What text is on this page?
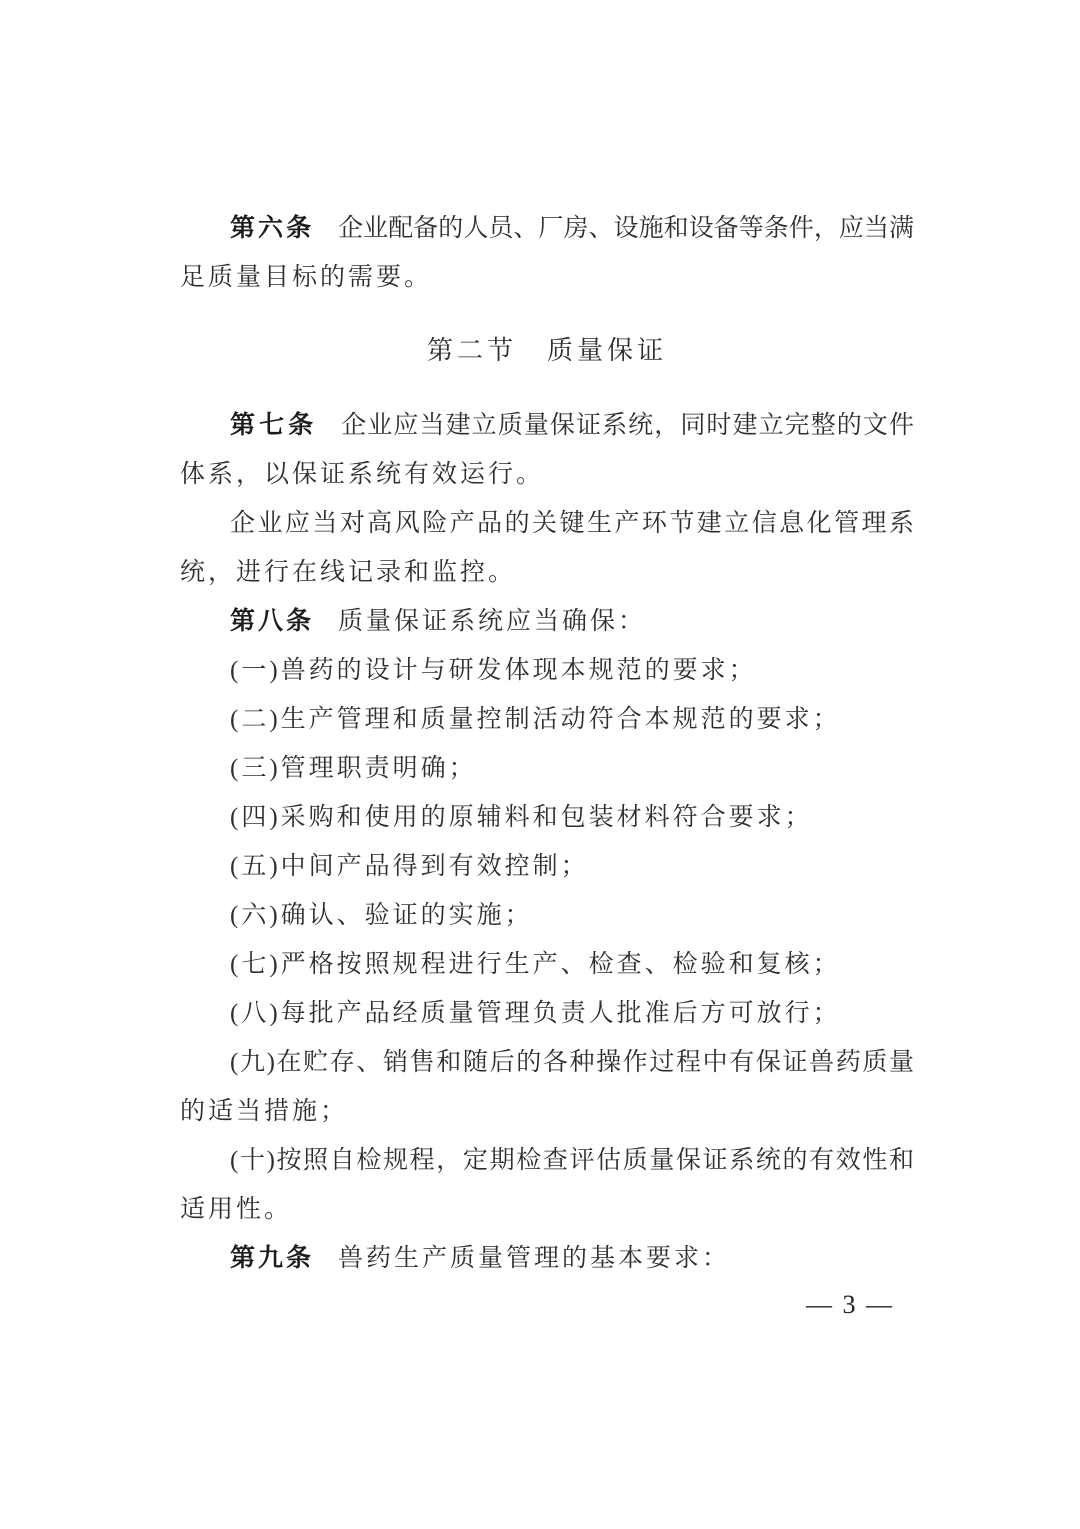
第六条 企业配备的人员、厂房、设施和设备等条件，应当满
足质量目标的需要。
第二节　质量保证
第七条 企业应当建立质量保证系统，同时建立完整的文件
体系，以保证系统有效运行。
企业应当对高风险产品的关键生产环节建立信息化管理系
统，进行在线记录和监控。
第八条 质量保证系统应当确保：
(一)兽药的设计与研发体现本规范的要求；
(二)生产管理和质量控制活动符合本规范的要求；
(三)管理职责明确；
(四)采购和使用的原辅料和包装材料符合要求；
(五)中间产品得到有效控制；
(六)确认、验证的实施；
(七)严格按照规程进行生产、检查、检验和复核；
(八)每批产品经质量管理负责人批准后方可放行；
(九)在贮存、销售和随后的各种操作过程中有保证兽药质量
的适当措施；
(十)按照自检规程，定期检查评估质量保证系统的有效性和
适用性。
第九条 兽药生产质量管理的基本要求：
— 3 —
